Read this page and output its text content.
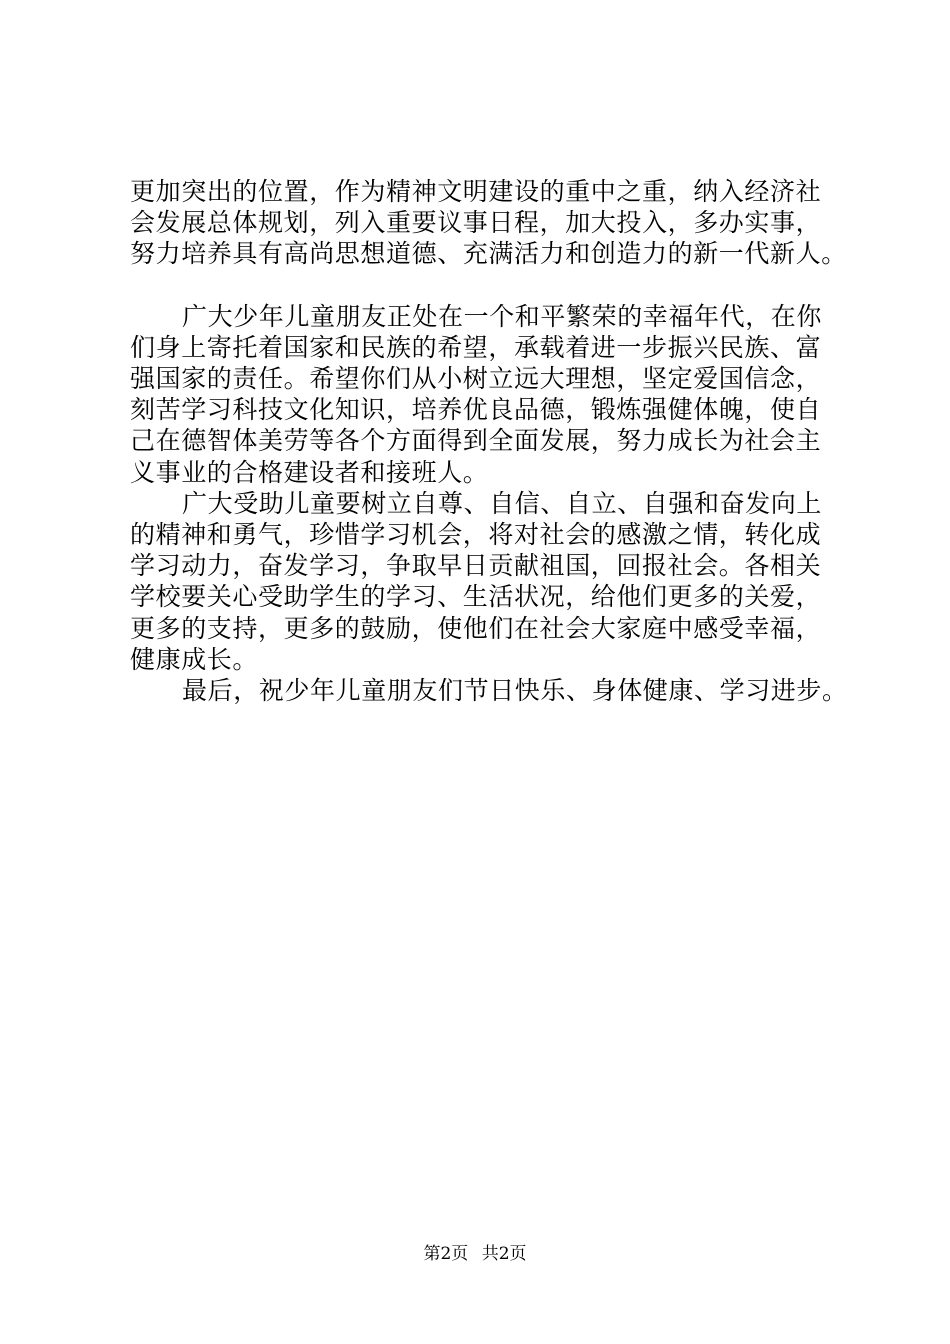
更加突出的位置，作为精神文明建设的重中之重，纳入经济社
会发展总体规划，列入重要议事日程，加大投入，多办实事，
努力培养具有高尚思想道德、充满活力和创造力的新一代新人。
广大少年儿童朋友正处在一个和平繁荣的幸福年代，在你
们身上寄托着国家和民族的希望，承载着进一步振兴民族、富
强国家的责任。希望你们从小树立远大理想，坚定爱国信念，
刻苦学习科技文化知识，培养优良品德，锻炼强健体魄，使自
己在德智体美劳等各个方面得到全面发展，努力成长为社会主
义事业的合格建设者和接班人。
广大受助儿童要树立自尊、自信、自立、自强和奋发向上
的精神和勇气，珍惜学习机会，将对社会的感激之情，转化成
学习动力，奋发学习，争取早日贡献祖国，回报社会。各相关
学校要关心受助学生的学习、生活状况，给他们更多的关爱，
更多的支持，更多的鼓励，使他们在社会大家庭中感受幸福，
健康成长。
最后，祝少年儿童朋友们节日快乐、身体健康、学习进步。
第2页 共2页
